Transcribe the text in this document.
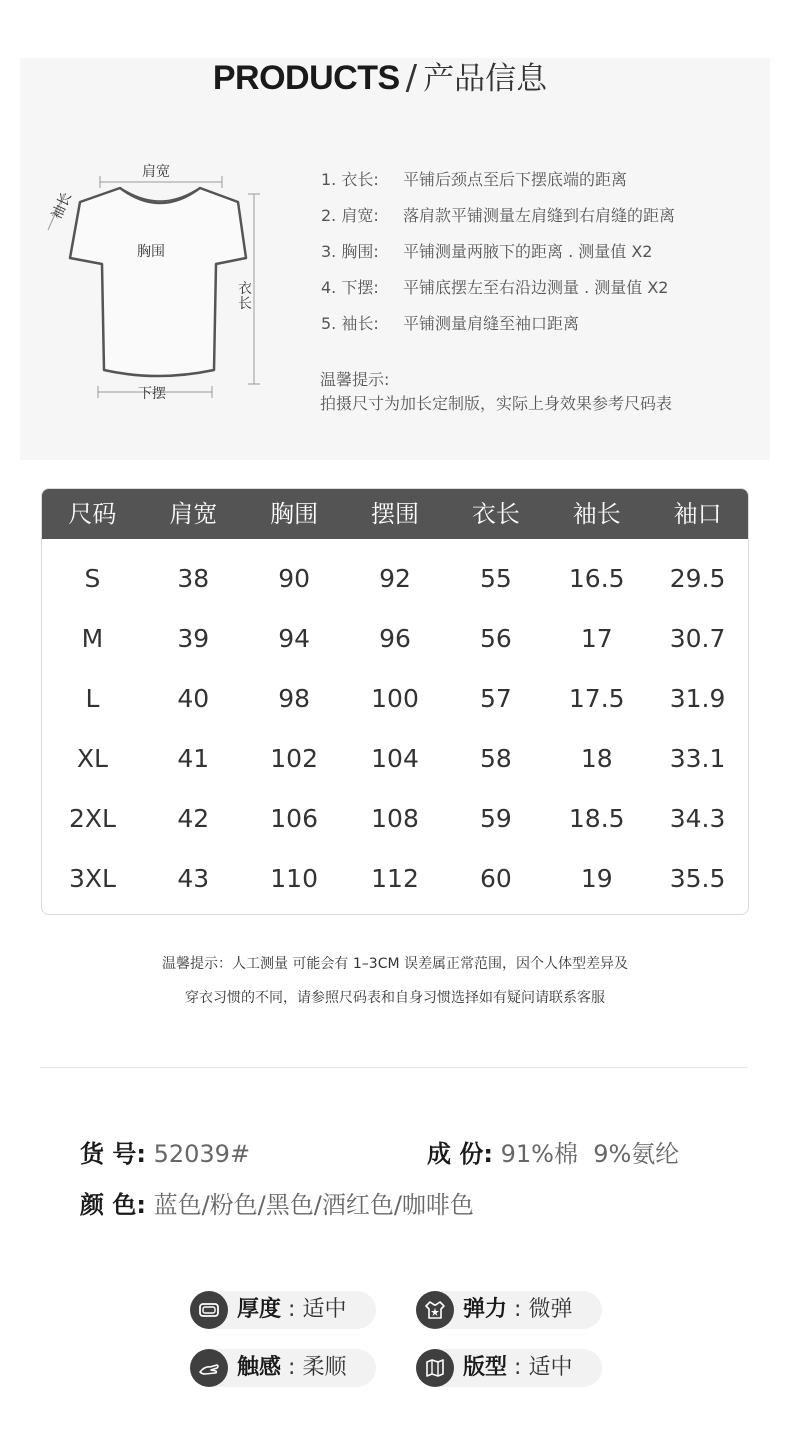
PRODUCTS / 产品信息
肩宽
袖长
胸围
衣长
下摆
1. 衣长:	平铺后颈点至后下摆底端的距离
2. 肩宽:	落肩款平铺测量左肩缝到右肩缝的距离
3. 胸围:	平铺测量两腋下的距离 . 测量值 X2
4. 下摆:	平铺底摆左至右沿边测量 . 测量值 X2
5. 袖长:	平铺测量肩缝至袖口距离
温馨提示:
拍摄尺寸为加长定制版，实际上身效果参考尺码表
尺码	肩宽	胸围	摆围	衣长	袖长	袖口
S	38	90	92	55	16.5	29.5
M	39	94	96	56	17	30.7
L	40	98	100	57	17.5	31.9
XL	41	102	104	58	18	33.1
2XL	42	106	108	59	18.5	34.3
3XL	43	110	112	60	19	35.5
温馨提示：人工测量 可能会有 1–3CM 误差属正常范围，因个人体型差异及
穿衣习惯的不同，请参照尺码表和自身习惯选择如有疑问请联系客服
货 号: 52039#	成 份: 91%棉  9%氨纶
颜 色: 蓝色/粉色/黑色/酒红色/咖啡色
厚度 : 适中	弹力 : 微弹
触感 : 柔顺	版型 : 适中
